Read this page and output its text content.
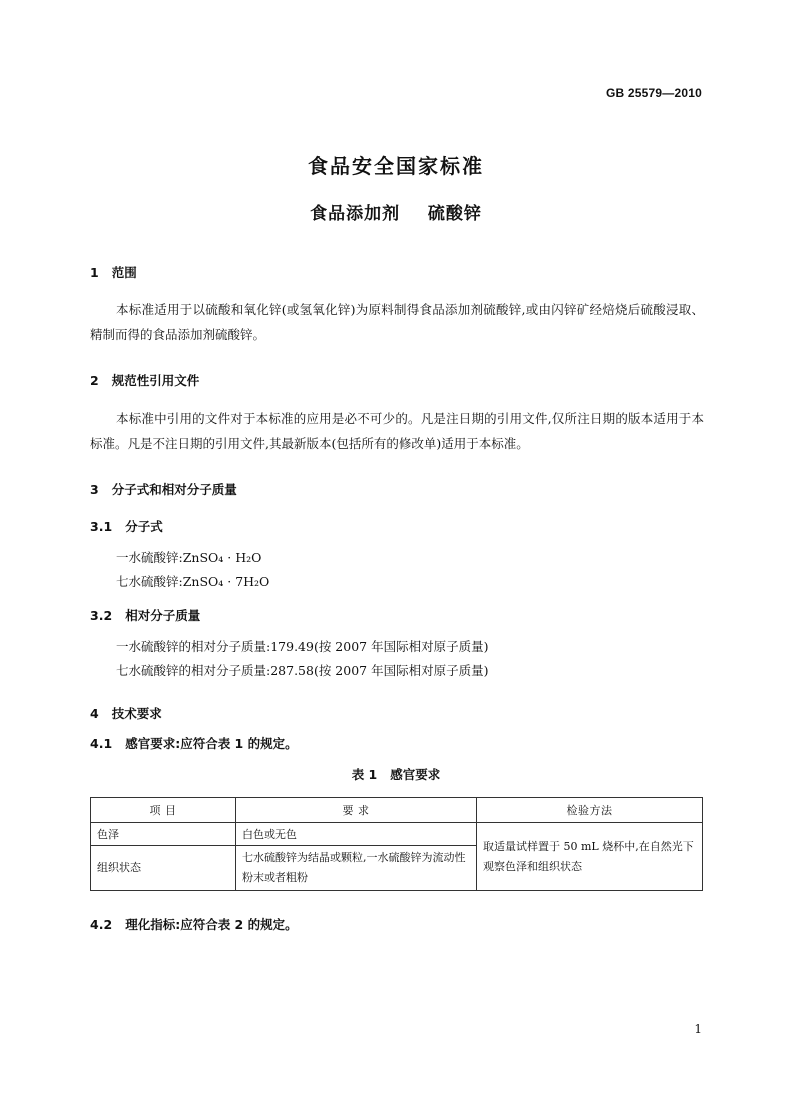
GB 25579—2010
食品安全国家标准
食品添加剂    硫酸锌
1   范围
本标准适用于以硫酸和氧化锌(或氢氧化锌)为原料制得食品添加剂硫酸锌,或由闪锌矿经焙烧后硫酸浸取、精制而得的食品添加剂硫酸锌。
2   规范性引用文件
本标准中引用的文件对于本标准的应用是必不可少的。凡是注日期的引用文件,仅所注日期的版本适用于本标准。凡是不注日期的引用文件,其最新版本(包括所有的修改单)适用于本标准。
3   分子式和相对分子质量
3.1   分子式
一水硫酸锌:ZnSO₄ · H₂O
七水硫酸锌:ZnSO₄ · 7H₂O
3.2   相对分子质量
一水硫酸锌的相对分子质量:179.49(按 2007 年国际相对原子质量)
七水硫酸锌的相对分子质量:287.58(按 2007 年国际相对原子质量)
4   技术要求
4.1   感官要求:应符合表 1 的规定。
表 1   感官要求
项 目	要 求	检验方法
色泽	白色或无色	取适量试样置于 50 mL 烧杯中,在自然光下观察色泽和组织状态
组织状态	七水硫酸锌为结晶或颗粒,一水硫酸锌为流动性粉末或者粗粉	
4.2   理化指标:应符合表 2 的规定。
1
